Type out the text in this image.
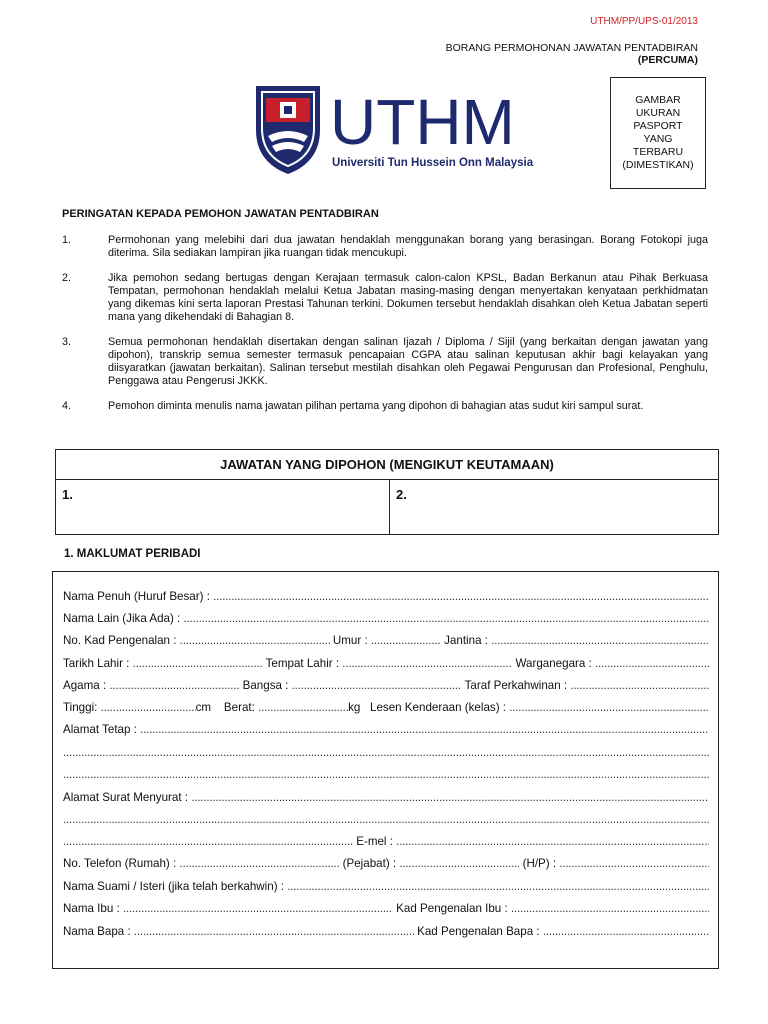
UTHM/PP/UPS-01/2013
BORANG PERMOHONAN JAWATAN PENTADBIRAN
(PERCUMA)
UTHM
Universiti Tun Hussein Onn Malaysia
GAMBAR
UKURAN
PASPORT
YANG
TERBARU
(DIMESTIKAN)
PERINGATAN KEPADA PEMOHON JAWATAN PENTADBIRAN
1.	Permohonan yang melebihi dari dua jawatan hendaklah menggunakan borang yang berasingan. Borang Fotokopi juga diterima. Sila sediakan lampiran jika ruangan tidak mencukupi.
2.	Jika pemohon sedang bertugas dengan Kerajaan termasuk calon-calon KPSL, Badan Berkanun atau Pihak Berkuasa Tempatan, permohonan hendaklah melalui Ketua Jabatan masing-masing dengan menyertakan kenyataan perkhidmatan yang dikemas kini serta laporan Prestasi Tahunan terkini. Dokumen tersebut hendaklah disahkan oleh Ketua Jabatan seperti mana yang dikehendaki di Bahagian 8.
3.	Semua permohonan hendaklah disertakan dengan salinan Ijazah / Diploma / Sijil (yang berkaitan dengan jawatan yang dipohon), transkrip semua semester termasuk pencapaian CGPA atau salinan keputusan akhir bagi kelayakan yang diisyaratkan (jawatan berkaitan). Salinan tersebut mestilah disahkan oleh Pegawai Pengurusan dan Profesional, Penghulu, Penggawa atau Pengerusi JKKK.
4.	Pemohon diminta menulis nama jawatan pilihan pertama yang dipohon di bahagian atas sudut kiri sampul surat.
JAWATAN YANG DIPOHON (MENGIKUT KEUTAMAAN)
1.	2.
1. MAKLUMAT PERIBADI
Nama Penuh (Huruf Besar) :
.....
Nama Lain (Jika Ada) :
.....
No. Kad Pengenalan : .....	Umur : .....	Jantina :
.....
Tarikh Lahir : .....	Tempat Lahir : .....	Warganegara :
.....
Agama : .....	Bangsa : .....	Taraf Perkahwinan :
.....
Tinggi: .....	cm    Berat: .....	kg   Lesen Kenderaan (kelas) :
.....
Alamat Tetap :
.....
.....
.....
Alamat Surat Menyurat :
.....
.....
.....
E-mel :
.....
No. Telefon (Rumah) : .....	(Pejabat) : .....	(H/P) :
.....
Nama Suami / Isteri (jika telah berkahwin) :
.....
Nama Ibu : .....	Kad Pengenalan Ibu :
.....
Nama Bapa : .....	Kad Pengenalan Bapa :
.....
